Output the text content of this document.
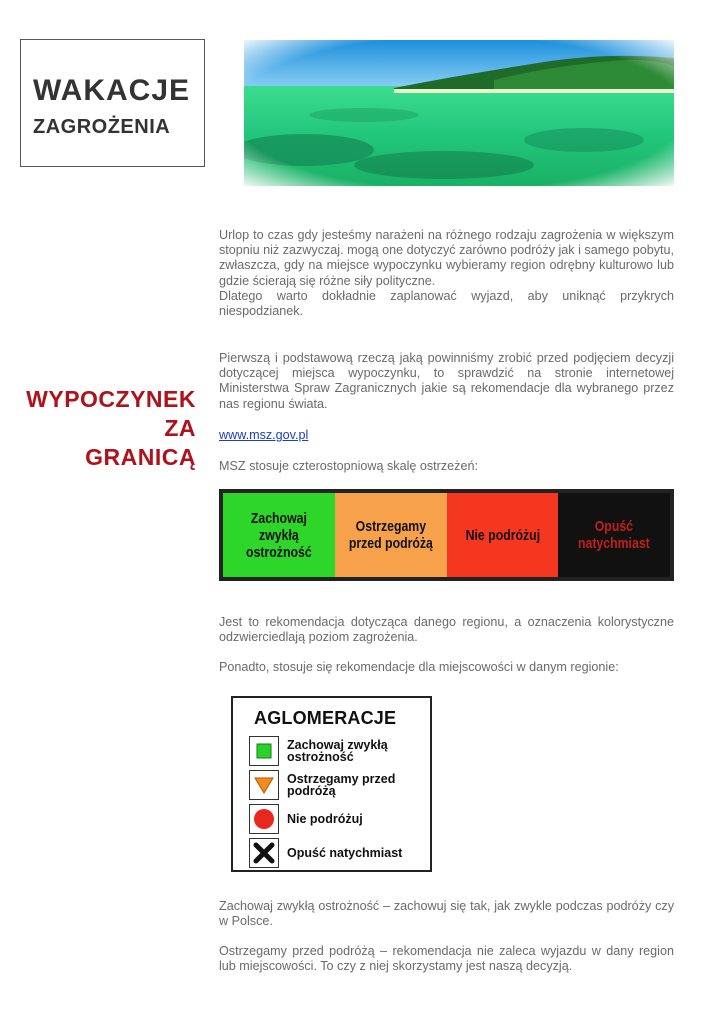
WAKACJE
ZAGROŻENIA
WYPOCZYNEK
ZA
GRANICĄ

Urlop to czas gdy jesteśmy narażeni na różnego rodzaju zagrożenia w większym stopniu niż zazwyczaj. mogą one dotyczyć zarówno podróży jak i samego pobytu, zwłaszcza, gdy na miejsce wypoczynku wybieramy region odrębny kulturowo lub gdzie ścierają się różne siły polityczne.

Dlatego warto dokładnie zaplanować wyjazd, aby uniknąć przykrych niespodzianek.

Pierwszą i podstawową rzeczą jaką powinniśmy zrobić przed podjęciem decyzji dotyczącej miejsca wypoczynku, to sprawdzić na stronie internetowej Ministerstwa Spraw Zagranicznych jakie są rekomendacje dla wybranego przez nas regionu świata.

www.msz.gov.pl

MSZ stosuje czterostopniową skalę ostrzeżeń:

Zachowaj zwykłą ostrożność
Ostrzegamy przed podróżą	Nie podróżuj	Opuść natychmiast

Jest to rekomendacja dotycząca danego regionu, a oznaczenia kolorystyczne odzwierciedlają poziom zagrożenia.

Ponadto, stosuje się rekomendacje dla miejscowości w danym regionie:

AGLOMERACJE
Zachowaj zwykłą ostrożność
Ostrzegamy przed podróżą
Nie podróżuj
Opuść natychmiast

Zachowaj zwykłą ostrożność – zachowuj się tak, jak zwykle podczas podróży czy w Polsce.

Ostrzegamy przed podróżą – rekomendacja nie zaleca wyjazdu w dany region lub miejscowości. To czy z niej skorzystamy jest naszą decyzją.
